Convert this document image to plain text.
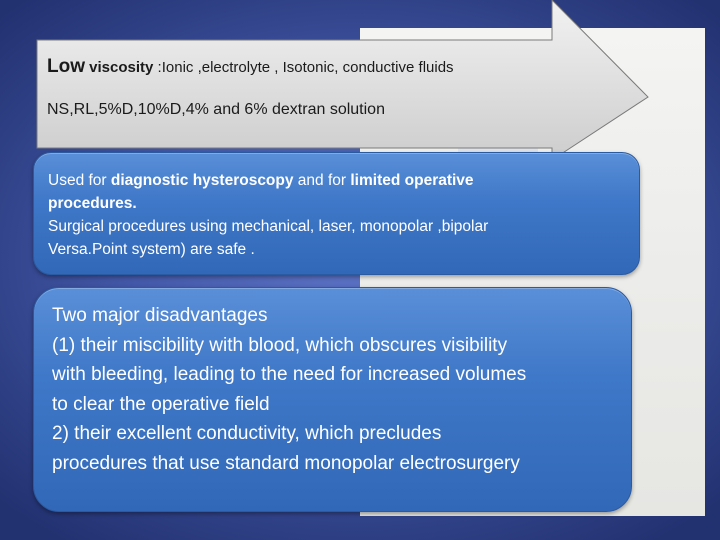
Low viscosity :Ionic ,electrolyte , Isotonic, conductive fluids
NS,RL,5%D,10%D,4% and 6% dextran solution

Used for diagnostic hysteroscopy and for limited operative

procedures.

Surgical procedures using mechanical, laser, monopolar ,bipolar

Versa.Point system) are safe .

Two major disadvantages

(1) their miscibility with blood, which obscures visibility

with bleeding, leading to the need for increased volumes

to clear the operative field

2) their excellent conductivity, which precludes

procedures that use standard monopolar electrosurgery
